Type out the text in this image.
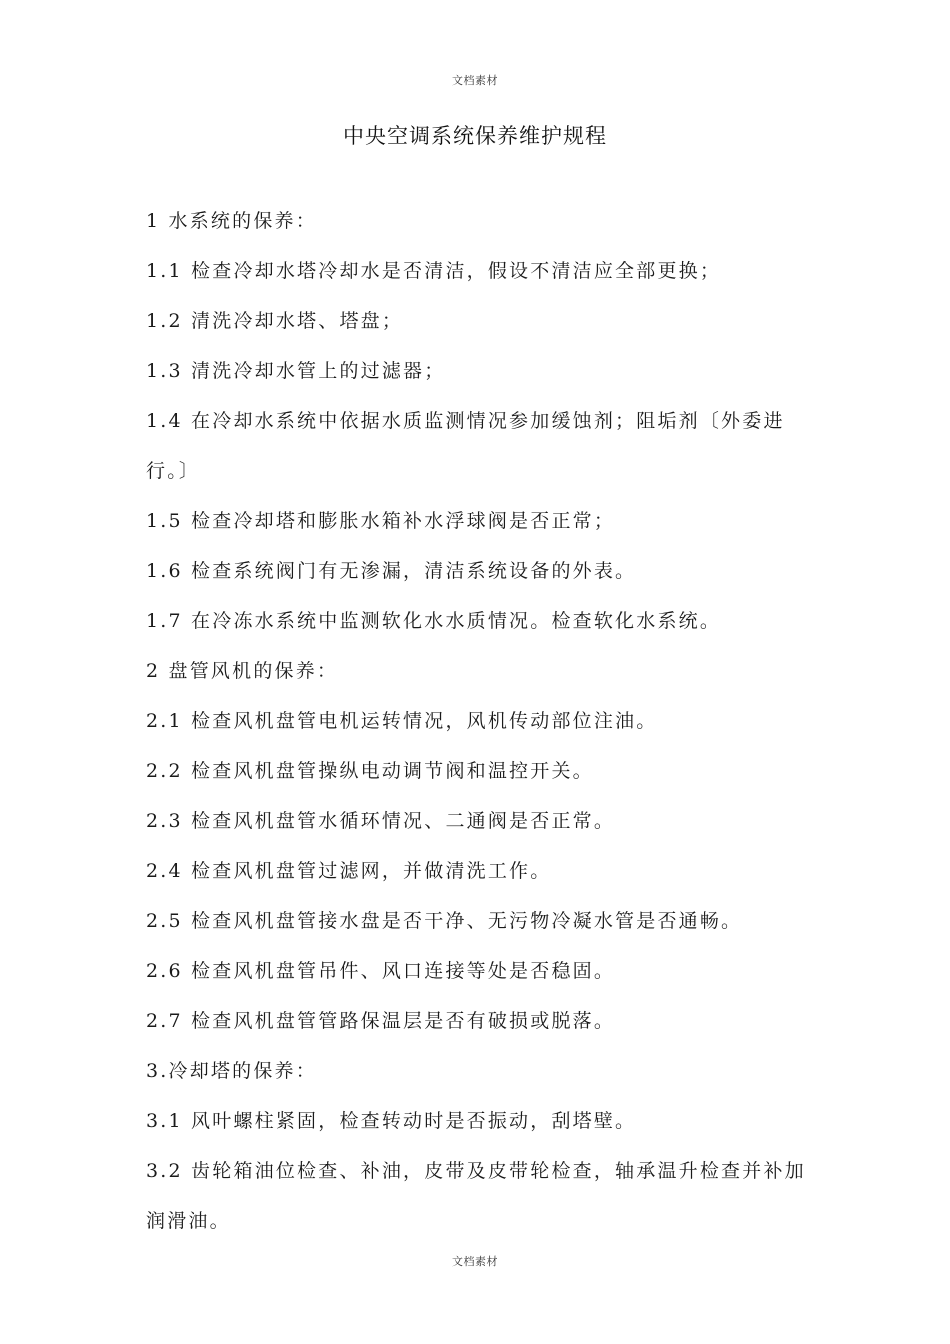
文档素材
中央空调系统保养维护规程

1 水系统的保养：

1.1 检查冷却水塔冷却水是否清洁，假设不清洁应全部更换；

1.2 清洗冷却水塔、塔盘；

1.3 清洗冷却水管上的过滤器；

1.4 在冷却水系统中依据水质监测情况参加缓蚀剂；阻垢剂〔外委进行。〕

1.5 检查冷却塔和膨胀水箱补水浮球阀是否正常；

1.6 检查系统阀门有无渗漏，清洁系统设备的外表。

1.7 在冷冻水系统中监测软化水水质情况。检查软化水系统。

2 盘管风机的保养：

2.1 检查风机盘管电机运转情况，风机传动部位注油。

2.2 检查风机盘管操纵电动调节阀和温控开关。

2.3 检查风机盘管水循环情况、二通阀是否正常。

2.4 检查风机盘管过滤网，并做清洗工作。

2.5 检查风机盘管接水盘是否干净、无污物冷凝水管是否通畅。

2.6 检查风机盘管吊件、风口连接等处是否稳固。

2.7 检查风机盘管管路保温层是否有破损或脱落。

3.冷却塔的保养：

3.1 风叶螺柱紧固，检查转动时是否振动，刮塔壁。

3.2 齿轮箱油位检查、补油，皮带及皮带轮检查，轴承温升检查并补加润滑油。

文档素材
